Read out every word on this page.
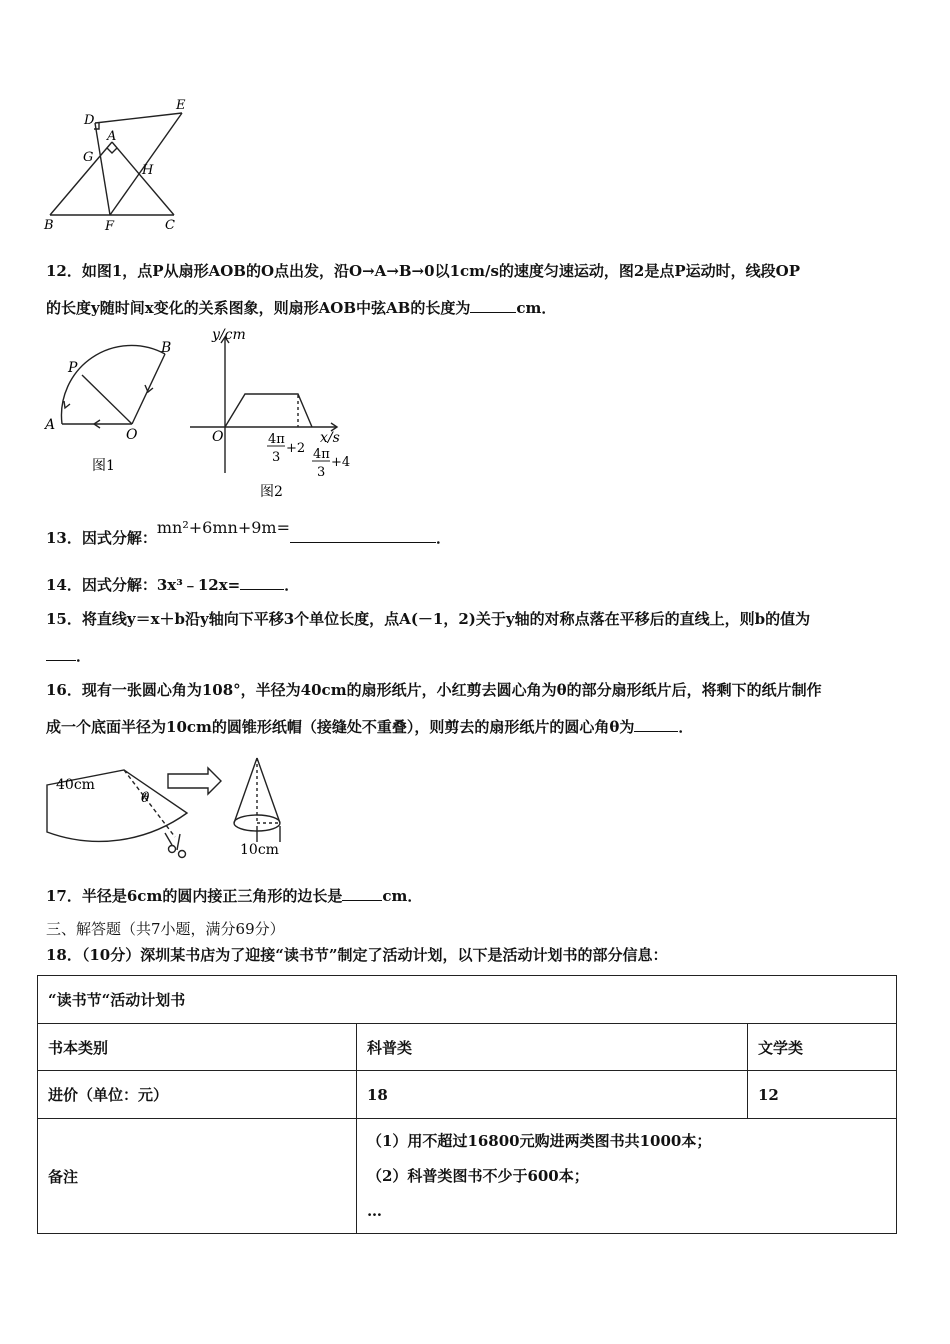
D
E
A
G
H
B	F	C
12．如图1，点P从扇形AOB的O点出发，沿O→A→B→0以1cm/s的速度匀速运动，图2是点P运动时，线段OP
的长度y随时间x变化的关系图象，则扇形AOB中弦AB的长度为	cm．
P
B
A
O
图1
y/cm
x/s
O	4π
3
+2 4π
3
+4
图2
13．因式分解：mn²+6mn+9m=．
14．因式分解：3x³﹣12x=	．
15．将直线y＝x＋b沿y轴向下平移3个单位长度，点A(－1，2)关于y轴的对称点落在平移后的直线上，则b的值为
．
16．现有一张圆心角为108°，半径为40cm的扇形纸片，小红剪去圆心角为θ的部分扇形纸片后，将剩下的纸片制作
成一个底面半径为10cm的圆锥形纸帽（接缝处不重叠），则剪去的扇形纸片的圆心角θ为	．
40cm
θ
10cm
17．半径是6cm的圆内接正三角形的边长是	cm．
三、解答题（共7小题，满分69分）
18．（10分）深圳某书店为了迎接“读书节”制定了活动计划，以下是活动计划书的部分信息：
“读书节“活动计划书		
书本类别	科普类	文学类
进价（单位：元）	18	12
备注	（1）用不超过16800元购进两类图书共1000本；
（2）科普类图书不少于600本；
…	
